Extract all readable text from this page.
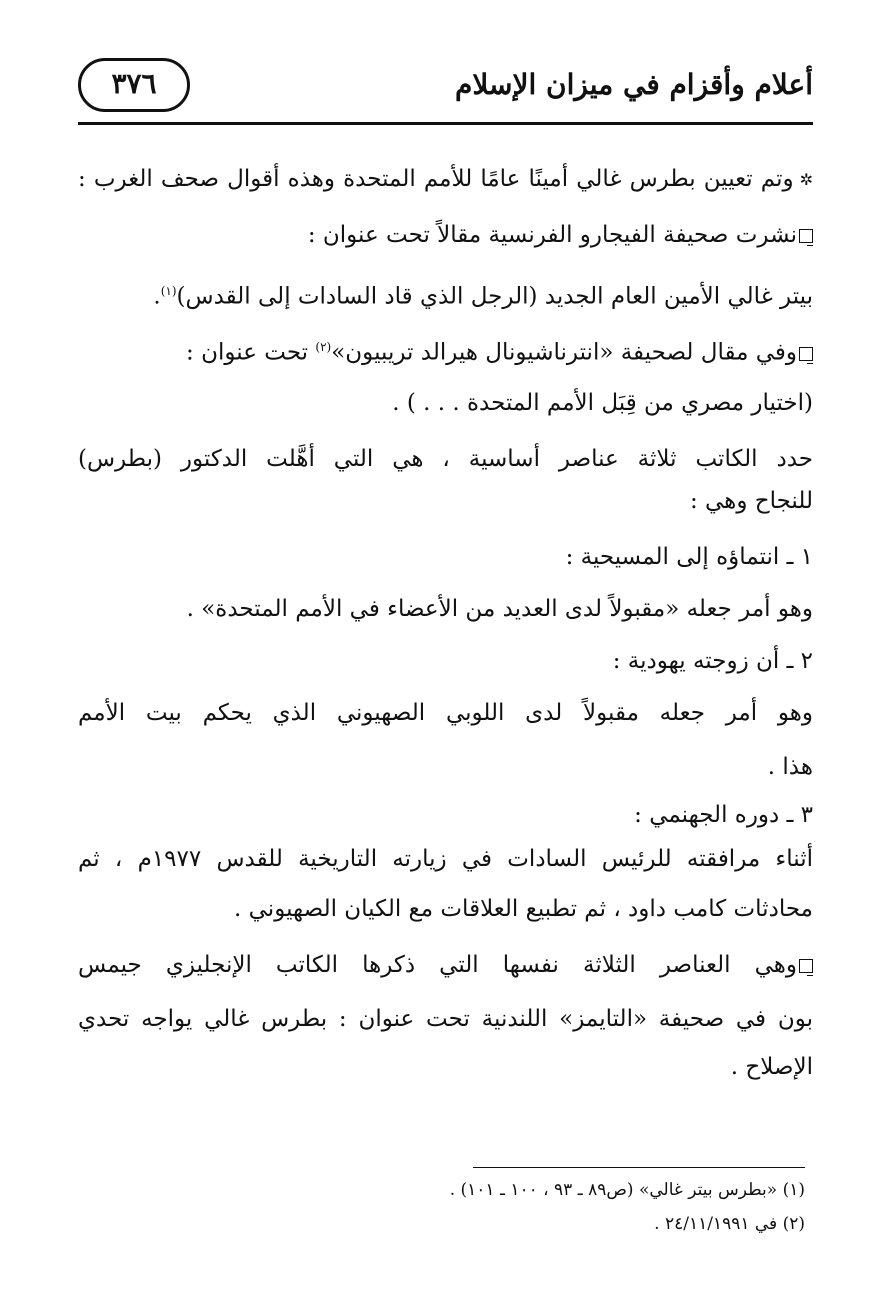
أعلام وأقزام في ميزان الإسلام
٣٧٦
✲وتم تعيين بطرس غالي أمينًا عامًا للأمم المتحدة وهذه أقوال صحف الغرب :
نشرت صحيفة الفيجارو الفرنسية مقالاً تحت عنوان :
بيتر غالي الأمين العام الجديد (الرجل الذي قاد السادات إلى القدس)$^{(١)}$.
وفي مقال لصحيفة «انترناشيونال هيرالد تريبيون»$^{(٢)}$ تحت عنوان :
(اختيار مصري من قِبَل الأمم المتحدة . . . ) .
حدد الكاتب ثلاثة عناصر أساسية ، هي التي أهَّلت الدكتور (بطرس)
للنجاح وهي :
١ ـ انتماؤه إلى المسيحية :
وهو أمر جعله «مقبولاً لدى العديد من الأعضاء في الأمم المتحدة» .
٢ ـ أن زوجته يهودية :
وهو أمر جعله مقبولاً لدى اللوبي الصهيوني الذي يحكم بيت الأمم
هذا .
٣ ـ دوره الجهنمي :
أثناء مرافقته للرئيس السادات في زيارته التاريخية للقدس ١٩٧٧م ، ثم
محادثات كامب داود ، ثم تطبيع العلاقات مع الكيان الصهيوني .
وهي العناصر الثلاثة نفسها التي ذكرها الكاتب الإنجليزي جيمس
بون في صحيفة «التايمز» اللندنية تحت عنوان : بطرس غالي يواجه تحدي
الإصلاح .
(١) «بطرس بيتر غالي» (ص٨٩ ـ ٩٣ ، ١٠٠ ـ ١٠١) .
(٢) في ٢٤/١١/١٩٩١ .
